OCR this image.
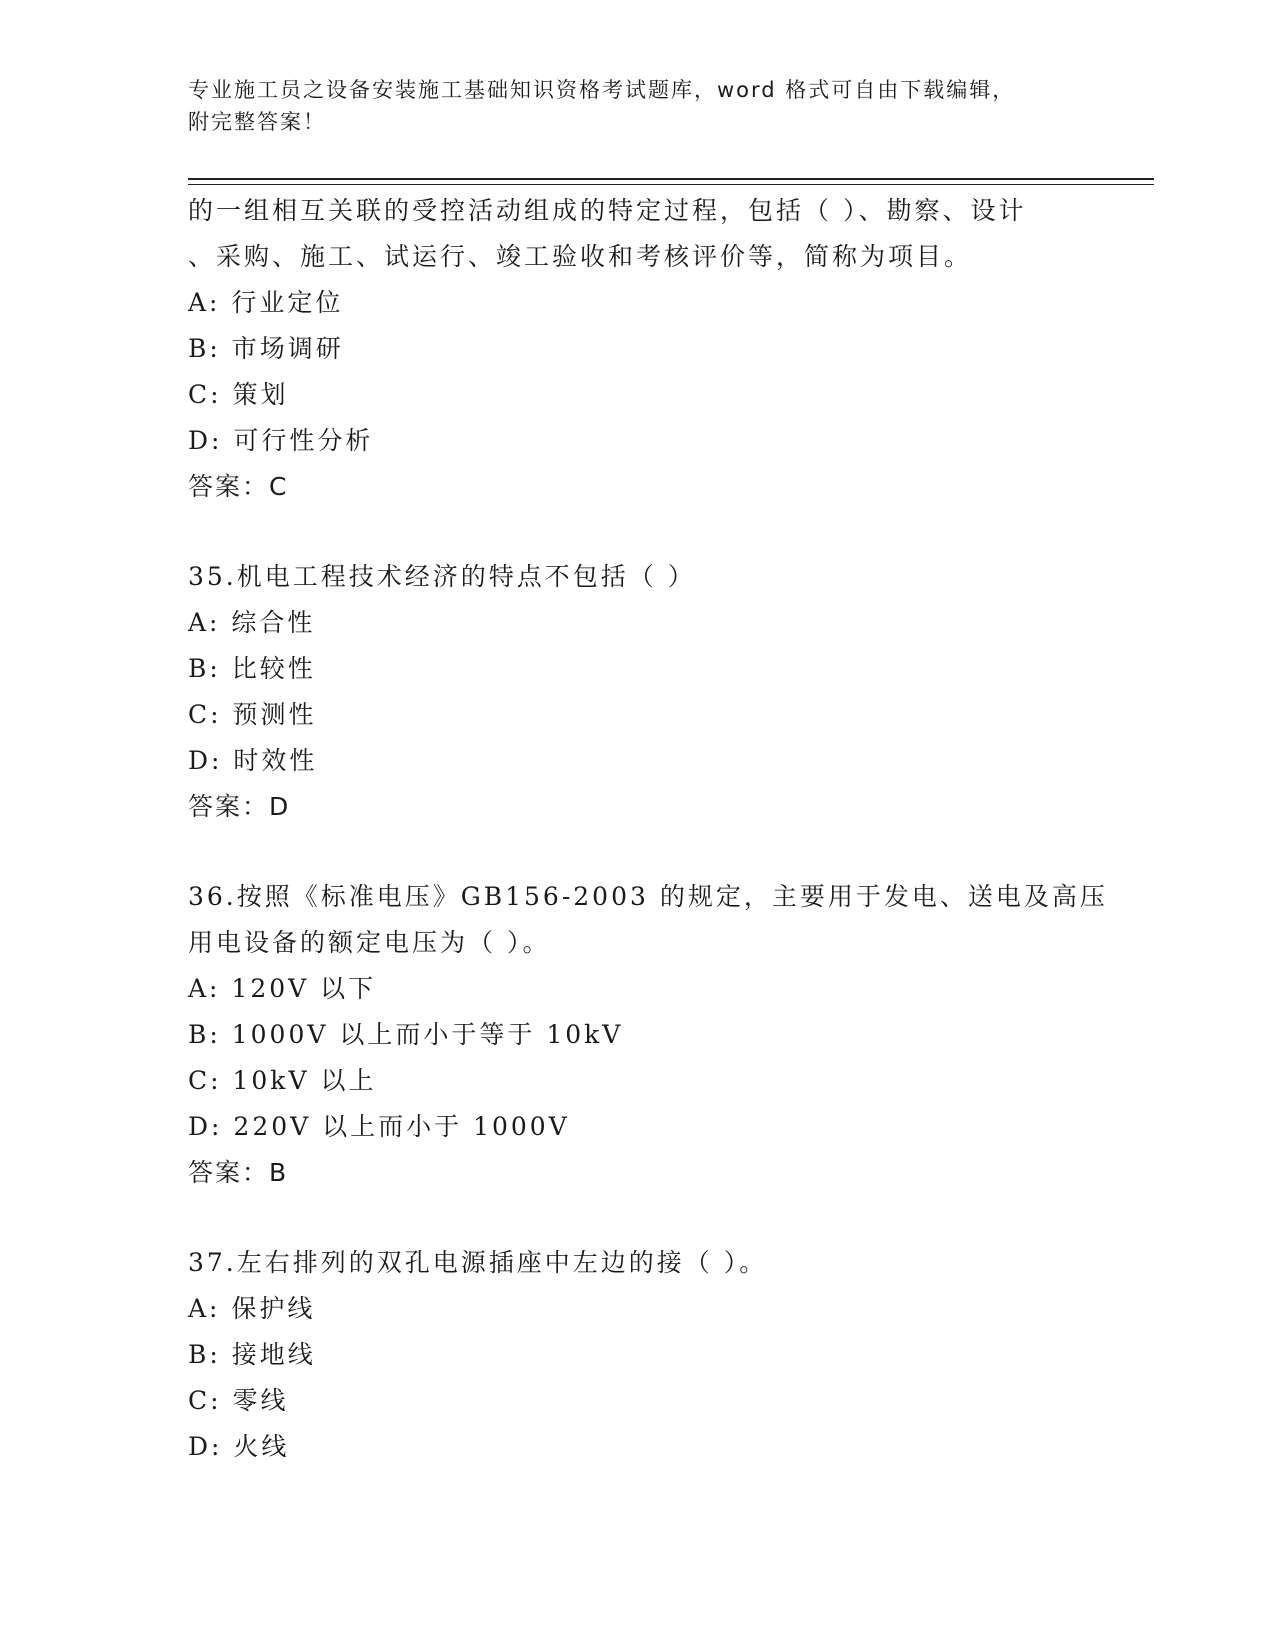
专业施工员之设备安装施工基础知识资格考试题库，word 格式可自由下载编辑，
附完整答案！
的一组相互关联的受控活动组成的特定过程，包括（ ）、勘察、设计
、采购、施工、试运行、竣工验收和考核评价等，简称为项目。
A: 行业定位
B: 市场调研
C: 策划
D: 可行性分析
答案：C
35.机电工程技术经济的特点不包括（ ）
A: 综合性
B: 比较性
C: 预测性
D: 时效性
答案：D
36.按照《标准电压》GB156-2003 的规定，主要用于发电、送电及高压
用电设备的额定电压为（ ）。
A: 120V 以下
B: 1000V 以上而小于等于 10kV
C: 10kV 以上
D: 220V 以上而小于 1000V
答案：B
37.左右排列的双孔电源插座中左边的接（ ）。
A: 保护线
B: 接地线
C: 零线
D: 火线
